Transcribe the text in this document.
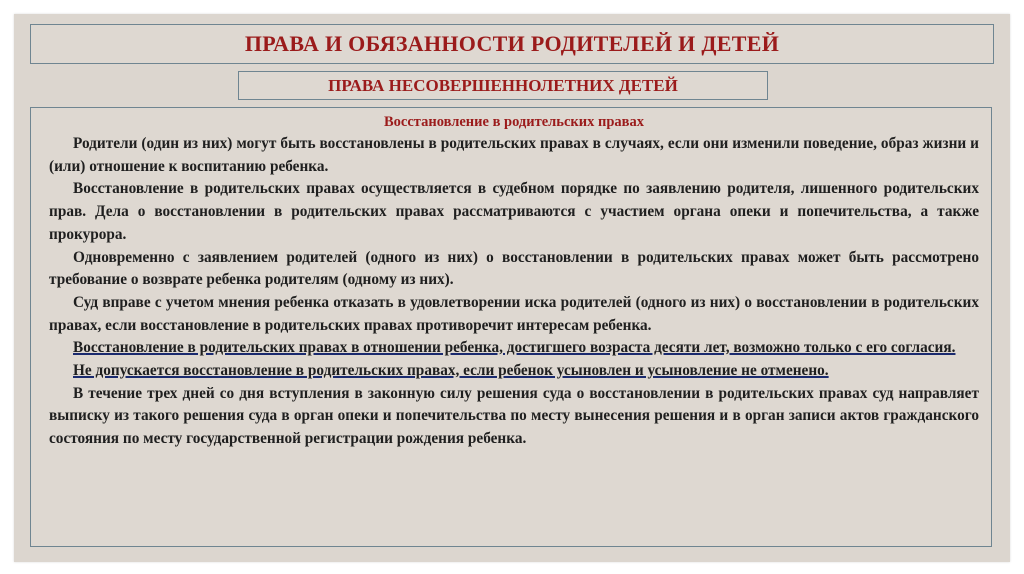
ПРАВА И ОБЯЗАННОСТИ РОДИТЕЛЕЙ И ДЕТЕЙ
ПРАВА НЕСОВЕРШЕННОЛЕТНИХ ДЕТЕЙ
Восстановление в родительских правах

Родители (один из них) могут быть восстановлены в родительских правах в случаях, если они изменили поведение, образ жизни и (или) отношение к воспитанию ребенка.

Восстановление в родительских правах осуществляется в судебном порядке по заявлению родителя, лишенного родительских прав. Дела о восстановлении в родительских правах рассматриваются с участием органа опеки и попечительства, а также прокурора.

Одновременно с заявлением родителей (одного из них) о восстановлении в родительских правах может быть рассмотрено требование о возврате ребенка родителям (одному из них).

Суд вправе с учетом мнения ребенка отказать в удовлетворении иска родителей (одного из них) о восстановлении в родительских правах, если восстановление в родительских правах противоречит интересам ребенка.

Восстановление в родительских правах в отношении ребенка, достигшего возраста десяти лет, возможно только с его согласия.

Не допускается восстановление в родительских правах, если ребенок усыновлен и усыновление не отменено.

В течение трех дней со дня вступления в законную силу решения суда о восстановлении в родительских правах суд направляет выписку из такого решения суда в орган опеки и попечительства по месту вынесения решения и в орган записи актов гражданского состояния по месту государственной регистрации рождения ребенка.
